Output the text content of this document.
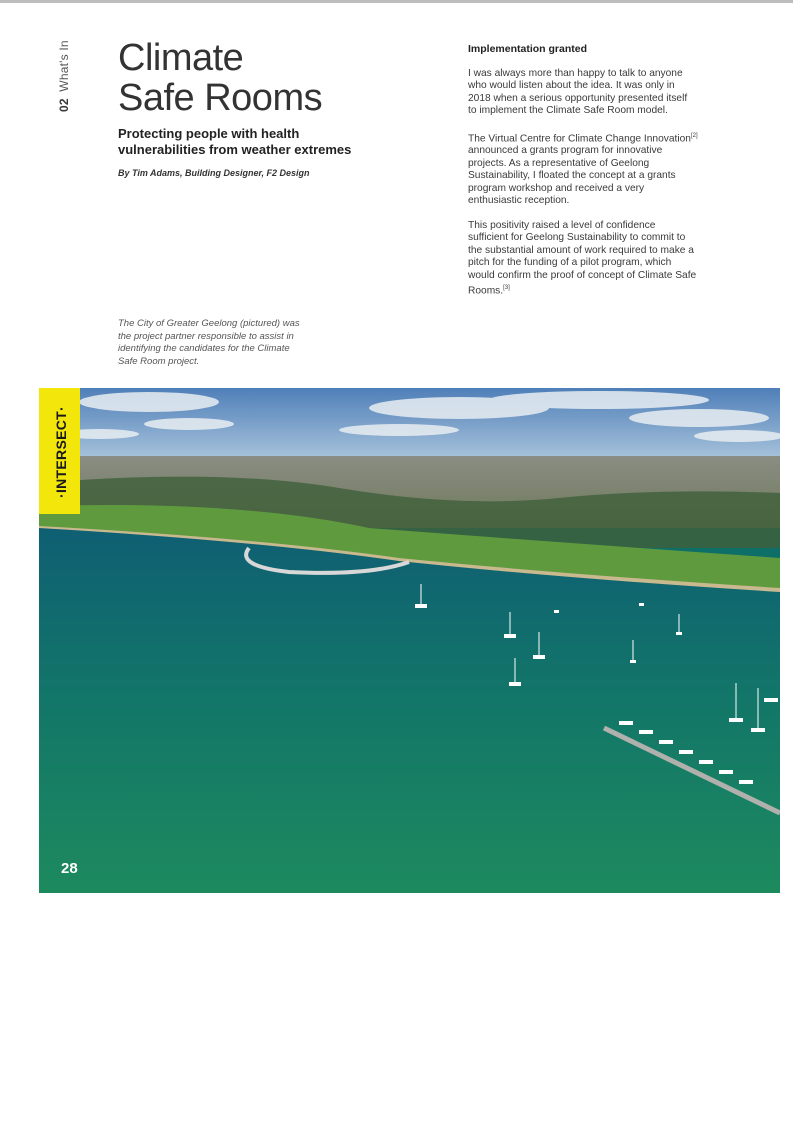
02 What's In Climate
Safe Rooms

Protecting people with health vulnerabilities from weather extremes

By Tim Adams, Building Designer, F2 Design
Implementation granted

I was always more than happy to talk to anyone who would listen about the idea. It was only in 2018 when a serious opportunity presented itself to implement the Climate Safe Room model.

The Virtual Centre for Climate Change Innovation[2] announced a grants program for innovative projects. As a representative of Geelong Sustainability, I floated the concept at a grants program workshop and received a very enthusiastic reception.

This positivity raised a level of confidence sufficient for Geelong Sustainability to commit to the substantial amount of work required to make a pitch for the funding of a pilot program, which would confirm the proof of concept of Climate Safe Rooms.[3]

The City of Greater Geelong (pictured) was the project partner responsible to assist in identifying the candidates for the Climate Safe Room project.
·INTERSECT·
28
